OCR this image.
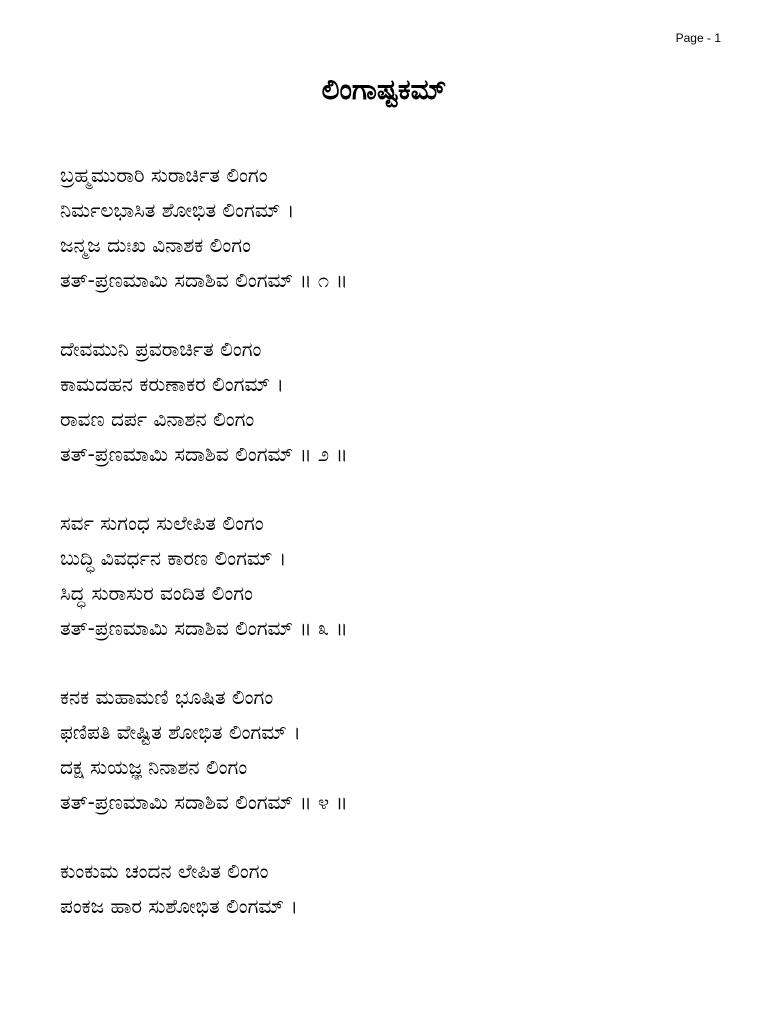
Page - 1
ಲಿಂಗಾಷ್ಟಕಮ್
ಬ್ರಹ್ಮಮುರಾರಿ ಸುರಾರ್ಚಿತ ಲಿಂಗಂ
ನಿರ್ಮಲಭಾಸಿತ ಶೋಭಿತ ಲಿಂಗಮ್ ।
ಜನ್ಮಜ ದುಃಖ ವಿನಾಶಕ ಲಿಂಗಂ
ತತ್-ಪ್ರಣಮಾಮಿ ಸದಾಶಿವ ಲಿಂಗಮ್ ॥ ೧ ॥
ದೇವಮುನಿ ಪ್ರವರಾರ್ಚಿತ ಲಿಂಗಂ
ಕಾಮದಹನ ಕರುಣಾಕರ ಲಿಂಗಮ್ ।
ರಾವಣ ದರ್ಪ ವಿನಾಶನ ಲಿಂಗಂ
ತತ್-ಪ್ರಣಮಾಮಿ ಸದಾಶಿವ ಲಿಂಗಮ್ ॥ ೨ ॥
ಸರ್ವ ಸುಗಂಧ ಸುಲೇಪಿತ ಲಿಂಗಂ
ಬುದ್ಧಿ ವಿವರ್ಧನ ಕಾರಣ ಲಿಂಗಮ್ ।
ಸಿದ್ಧ ಸುರಾಸುರ ವಂದಿತ ಲಿಂಗಂ
ತತ್-ಪ್ರಣಮಾಮಿ ಸದಾಶಿವ ಲಿಂಗಮ್ ॥ ೩ ॥
ಕನಕ ಮಹಾಮಣಿ ಭೂಷಿತ ಲಿಂಗಂ
ಫಣಿಪತಿ ವೇಷ್ಟಿತ ಶೋಭಿತ ಲಿಂಗಮ್ ।
ದಕ್ಷ ಸುಯಜ್ಞ ನಿನಾಶನ ಲಿಂಗಂ
ತತ್-ಪ್ರಣಮಾಮಿ ಸದಾಶಿವ ಲಿಂಗಮ್ ॥ ೪ ॥
ಕುಂಕುಮ ಚಂದನ ಲೇಪಿತ ಲಿಂಗಂ
ಪಂಕಜ ಹಾರ ಸುಶೋಭಿತ ಲಿಂಗಮ್ ।
